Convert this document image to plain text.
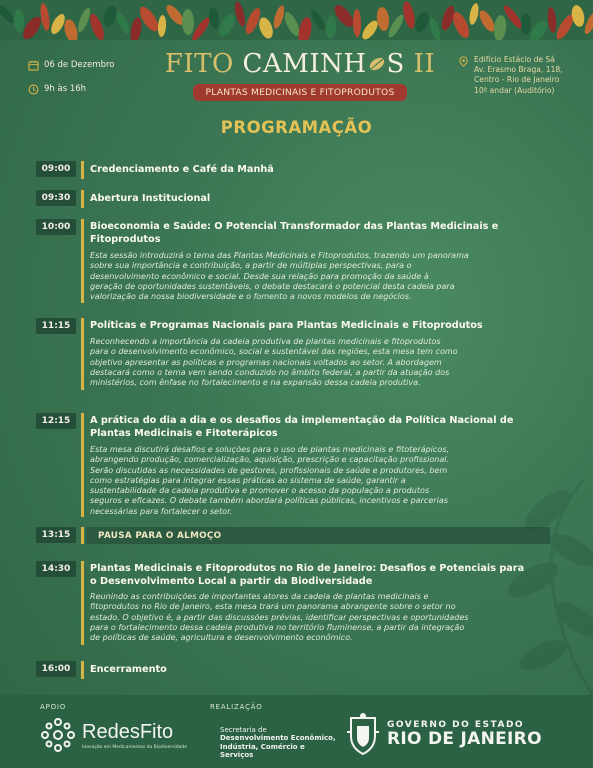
06 de Dezembro
9h às 16h
FITO CAMINH S II
PLANTAS MEDICINAIS E FITOPRODUTOS
Edifício Estácio de Sá
Av. Erasmo Braga, 118,
Centro - Rio de Janeiro
10º andar (Auditório)
PROGRAMAÇÃO
09:00	Credenciamento e Café da Manhã
09:30	Abertura Institucional
10:00	Bioeconomia e Saúde: O Potencial Transformador das Plantas Medicinais e
Fitoprodutos
Esta sessão introduzirá o tema das Plantas Medicinais e Fitoprodutos, trazendo um panorama
sobre sua importância e contribuição, a partir de múltiplas perspectivas, para o
desenvolvimento econômico e social. Desde sua relação para promoção da saúde à
geração de oportunidades sustentáveis, o debate destacará o potencial desta cadeia para
valorização da nossa biodiversidade e o fomento a novos modelos de negócios.
11:15	Políticas e Programas Nacionais para Plantas Medicinais e Fitoprodutos
Reconhecendo a importância da cadeia produtiva de plantas medicinais e fitoprodutos
para o desenvolvimento econômico, social e sustentável das regiões, esta mesa tem como
objetivo apresentar as políticas e programas nacionais voltados ao setor. A abordagem
destacará como o tema vem sendo conduzido no âmbito federal, a partir da atuação dos
ministérios, com ênfase no fortalecimento e na expansão dessa cadeia produtiva.
12:15	A prática do dia a dia e os desafios da implementação da Política Nacional de
Plantas Medicinais e Fitoterápicos
Esta mesa discutirá desafios e soluções para o uso de plantas medicinais e fitoterápicos,
abrangendo produção, comercialização, aquisição, prescrição e capacitação profissional.
Serão discutidas as necessidades de gestores, profissionais de saúde e produtores, bem
como estratégias para integrar essas práticas ao sistema de saúde, garantir a
sustentabilidade da cadeia produtiva e promover o acesso da população a produtos
seguros e eficazes. O debate também abordará políticas públicas, incentivos e parcerias
necessárias para fortalecer o setor.
13:15	PAUSA PARA O ALMOÇO
14:30	Plantas Medicinais e Fitoprodutos no Rio de Janeiro: Desafios e Potenciais para
o Desenvolvimento Local a partir da Biodiversidade
Reunindo as contribuições de importantes atores da cadeia de plantas medicinais e
fitoprodutos no Rio de Janeiro, esta mesa trará um panorama abrangente sobre o setor no
estado. O objetivo é, a partir das discussões prévias, identificar perspectivas e oportunidades
para o fortalecimento dessa cadeia produtiva no território fluminense, a partir da integração
de políticas de saúde, agricultura e desenvolvimento econômico.
16:00	Encerramento
APOIO	REALIZAÇÃO
RedesFito
Inovação em Medicamentos da Biodiversidade
Secretaria de
Desenvolvimento Econômico,
Indústria, Comércio e Serviços
GOVERNO DO ESTADO
RIO DE JANEIRO
